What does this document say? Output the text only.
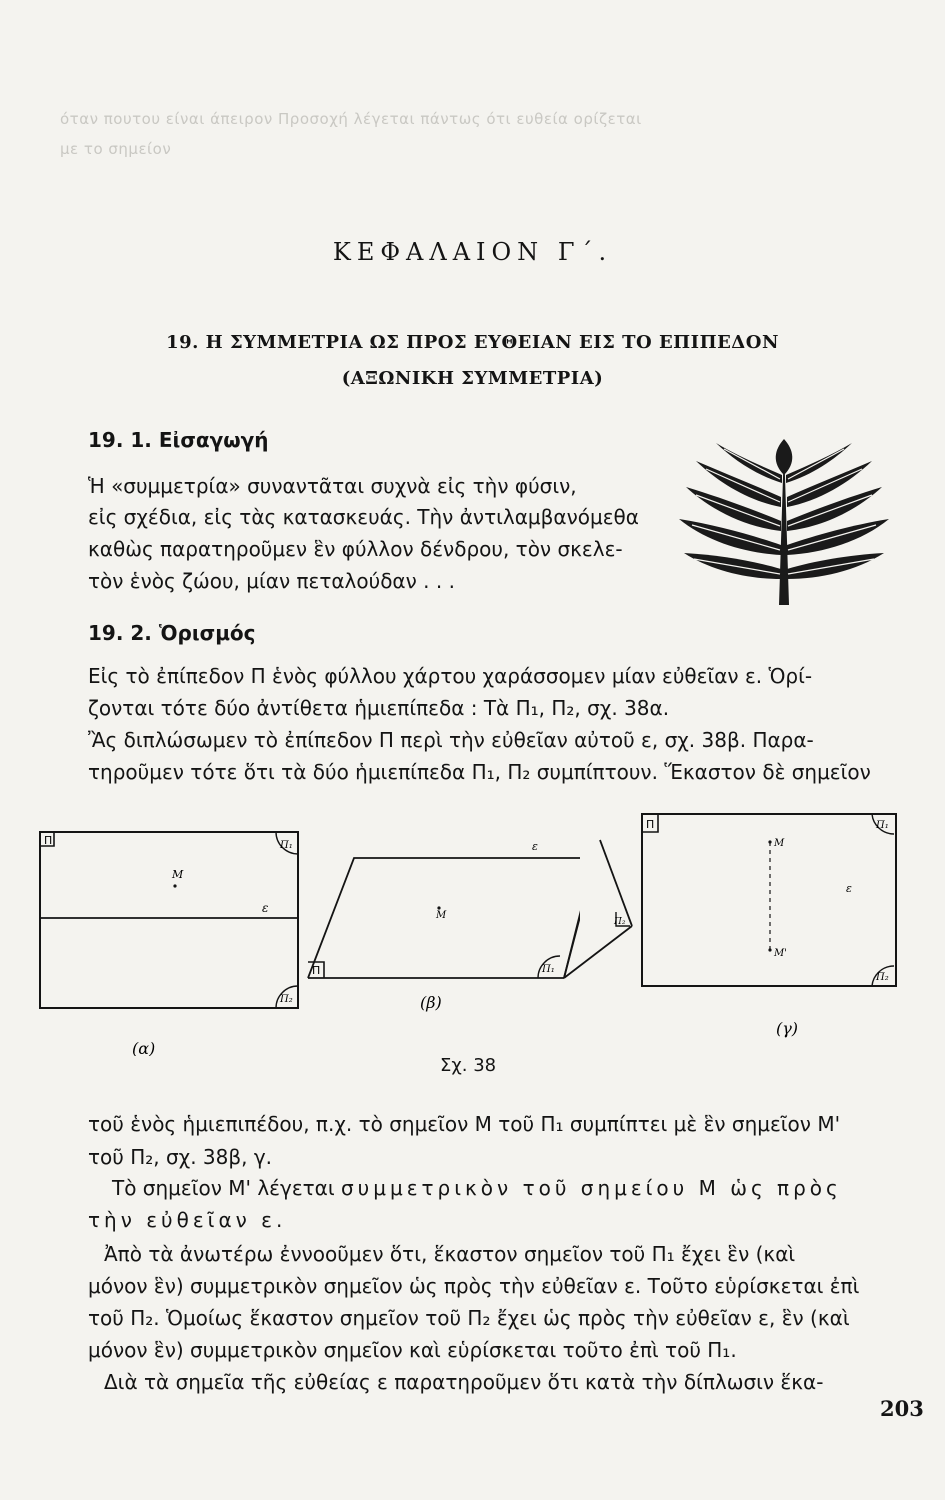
όταν πουτου είναι άπειρον Προσοχή λέγεται πάντως ότι ευθεία ορίζεται
με το σημείον
ΚΕΦΑΛΑΙΟΝ Γ΄.
19. Η ΣΥΜΜΕΤΡΙΑ ΩΣ ΠΡΟΣ ΕΥΘΕΙΑΝ ΕΙΣ ΤΟ ΕΠΙΠΕΔΟΝ
(ΑΞΩΝΙΚΗ ΣΥΜΜΕΤΡΙΑ)
19. 1. Εἰσαγωγή
Ἡ «συμμετρία» συναντᾶται συχνὰ εἰς τὴν φύσιν,
εἰς σχέδια, εἰς τὰς κατασκευάς. Τὴν ἀντιλαμβανόμεθα
καθὼς παρατηροῦμεν ἓν φύλλον δένδρου, τὸν σκελε-
τὸν ἑνὸς ζώου, μίαν πεταλούδαν . . .
19. 2. Ὁρισμός
Εἰς τὸ ἐπίπεδον Π ἑνὸς φύλλου χάρτου χαράσσομεν μίαν εὐθεῖαν ε. Ὁρί-
ζονται τότε δύο ἀντίθετα ἡμιεπίπεδα : Τὰ Π₁, Π₂, σχ. 38α.
Ἂς διπλώσωμεν τὸ ἐπίπεδον Π περὶ τὴν εὐθεῖαν αὐτοῦ ε, σχ. 38β. Παρα-
τηροῦμεν τότε ὅτι τὰ δύο ἡμιεπίπεδα Π₁, Π₂ συμπίπτουν. Ἕκαστον δὲ σημεῖον
Π	Π₁
Π₂
Μ
ε
(α)
ε
Π	Π₁
Μ
(β)
Π₂
Π	Π₁
Π₂
Μ
Μ'
ε
(γ)
Σχ. 38
τοῦ ἑνὸς ἡμιεπιπέδου, π.χ. τὸ σημεῖον Μ τοῦ Π₁ συμπίπτει μὲ ἓν σημεῖον Μ'
τοῦ Π₂, σχ. 38β, γ.
Τὸ σημεῖον Μ' λέγεται συμμετρικὸν τοῦ σημείου Μ ὡς πρὸς
τὴν εὐθεῖαν ε.
Ἀπὸ τὰ ἀνωτέρω ἐννοοῦμεν ὅτι, ἕκαστον σημεῖον τοῦ Π₁ ἔχει ἓν (καὶ
μόνον ἓν) συμμετρικὸν σημεῖον ὡς πρὸς τὴν εὐθεῖαν ε. Τοῦτο εὑρίσκεται ἐπὶ
τοῦ Π₂. Ὁμοίως ἕκαστον σημεῖον τοῦ Π₂ ἔχει ὡς πρὸς τὴν εὐθεῖαν ε, ἓν (καὶ
μόνον ἓν) συμμετρικὸν σημεῖον καὶ εὑρίσκεται τοῦτο ἐπὶ τοῦ Π₁.
Διὰ τὰ σημεῖα τῆς εὐθείας ε παρατηροῦμεν ὅτι κατὰ τὴν δίπλωσιν ἕκα-
203
